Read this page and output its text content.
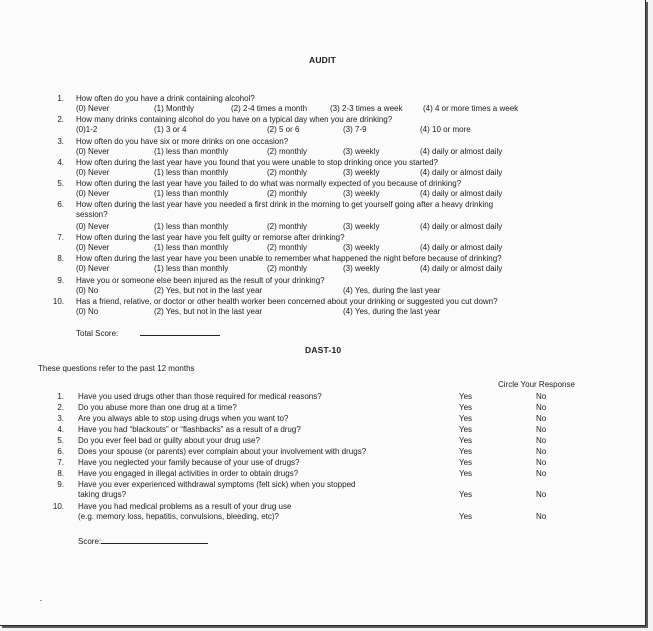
AUDIT
1. How often do you have a drink containing alcohol?
(0) Never	(1) Monthly	(2) 2-4 times a month	(3) 2-3 times a week	(4) 4 or more times a week
2. How many drinks containing alcohol do you have on a typical day when you are drinking?
(0)1-2	(1) 3 or 4	(2) 5 or 6	(3) 7-9	(4) 10 or more
3. How often do you have six or more drinks on one occasion?
(0) Never	(1) less than monthly	(2) monthly	(3) weekly	(4) daily or almost daily
4. How often during the last year have you found that you were unable to stop drinking once you started?
(0) Never	(1) less than monthly	(2) monthly	(3) weekly	(4) daily or almost daily
5. How often during the last year have you failed to do what was normally expected of you because of drinking?
(0) Never	(1) less than monthly	(2) monthly	(3) weekly	(4) daily or almost daily
6. How often during the last year have you needed a first drink in the morning to get yourself going after a heavy drinking
session?
(0) Never	(1) less than monthly	(2) monthly	(3) weekly	(4) daily or almost daily
7. How often during the last year have you felt guilty or remorse after drinking?
(0) Never	(1) less than monthly	(2) monthly	(3) weekly	(4) daily or almost daily
8. How often during the last year have you been unable to remember what happened the night before because of drinking?
(0) Never	(1) less than monthly	(2) monthly	(3) weekly	(4) daily or almost daily
9. Have you or someone else been injured as the result of your drinking?
(0) No	(2) Yes, but not in the last year	(4) Yes, during the last year
10. Has a friend, relative, or doctor or other health worker been concerned about your drinking or suggested you cut down?
(0) No	(2) Yes, but not in the last year	(4) Yes, during the last year
Total Score:
DAST-10
These questions refer to the past 12 months
Circle Your Response
1. Have you used drugs other than those required for medical reasons?	Yes	No
2. Do you abuse more than one drug at a time?	Yes	No
3. Are you always able to stop using drugs when you want to?	Yes	No
4. Have you had “blackouts” or “flashbacks” as a result of a drug?	Yes	No
5. Do you ever feel bad or guilty about your drug use?	Yes	No
6. Does your spouse (or parents) ever complain about your involvement with drugs?	Yes	No
7. Have you neglected your family because of your use of drugs?	Yes	No
8. Have you engaged in illegal activities in order to obtain drugs?	Yes	No
9. Have you ever experienced withdrawal symptoms (felt sick) when you stopped
taking drugs?	Yes	No
10. Have you had medical problems as a result of your drug use
(e.g. memory loss, hepatitis, convulsions, bleeding, etc)?	Yes	No
Score:
